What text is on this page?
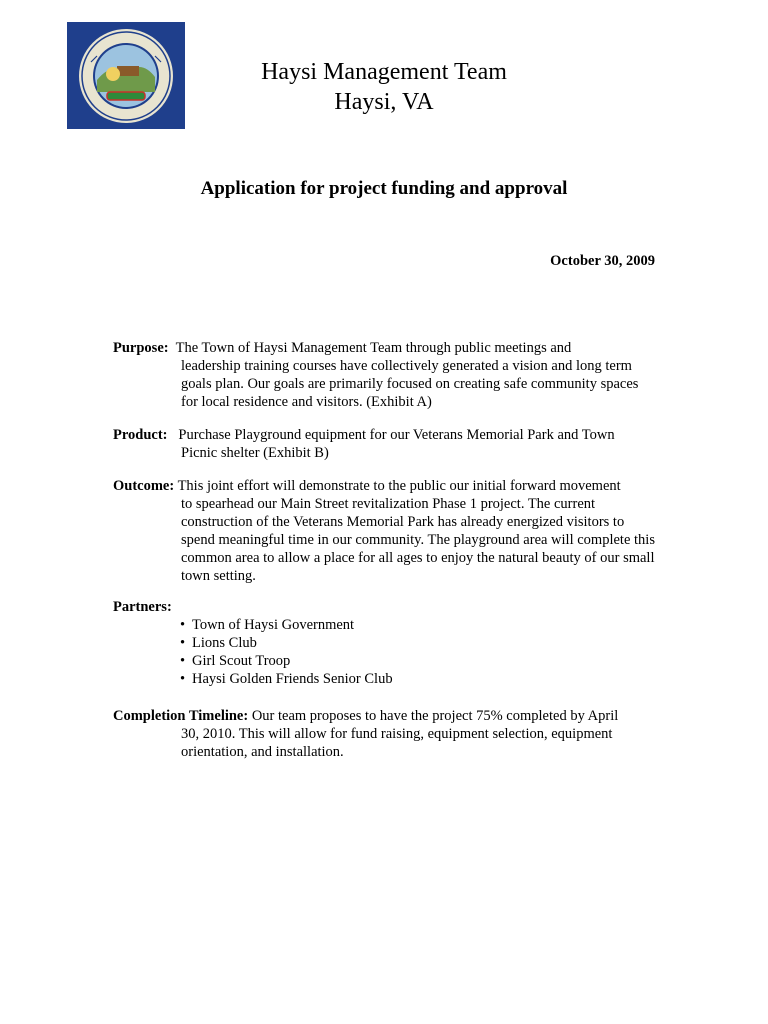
Haysi Management Team
Haysi, VA
Application for project funding and approval
October 30, 2009
Purpose: The Town of Haysi Management Team through public meetings and
leadership training courses have collectively generated a vision and long term goals plan. Our goals are primarily focused on creating safe community spaces for local residence and visitors. (Exhibit A)
Product: Purchase Playground equipment for our Veterans Memorial Park and Town
Picnic shelter (Exhibit B)
Outcome: This joint effort will demonstrate to the public our initial forward movement
to spearhead our Main Street revitalization Phase 1 project. The current construction of the Veterans Memorial Park has already energized visitors to spend meaningful time in our community. The playground area will complete this common area to allow a place for all ages to enjoy the natural beauty of our small town setting.
Partners:
• Town of Haysi Government
• Lions Club
• Girl Scout Troop
• Haysi Golden Friends Senior Club
Completion Timeline: Our team proposes to have the project 75% completed by April
30, 2010. This will allow for fund raising, equipment selection, equipment orientation, and installation.
